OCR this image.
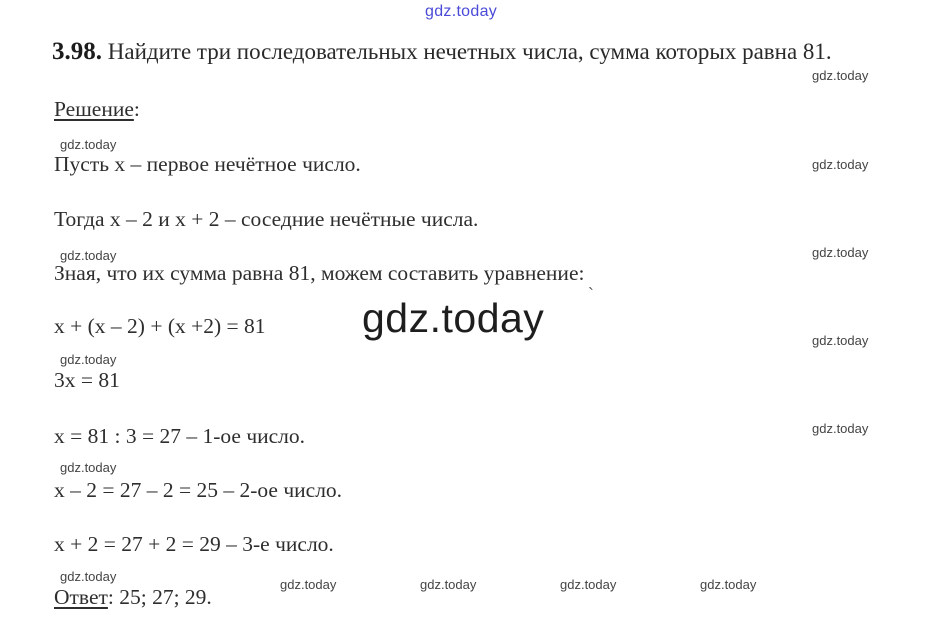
gdz.today
3.98. Найдите три последовательных нечетных числа, сумма которых равна 81.
Решение:
Пусть x – первое нечётное число.
Тогда x – 2 и x + 2 – соседние нечётные числа.
Зная, что их сумма равна 81, можем составить уравнение:
x + (x – 2) + (x +2) = 81
3x = 81
x = 81 : 3 = 27 – 1-ое число.
x – 2 = 27 – 2 = 25 – 2-ое число.
x + 2 = 27 + 2 = 29 – 3-е число.
Ответ: 25; 27; 29.
gdz.today `
gdz.today
gdz.today
gdz.today
gdz.today	gdz.today
gdz.today
gdz.today
gdz.today
gdz.today
gdz.today
gdz.today	gdz.today	gdz.today	gdz.today
